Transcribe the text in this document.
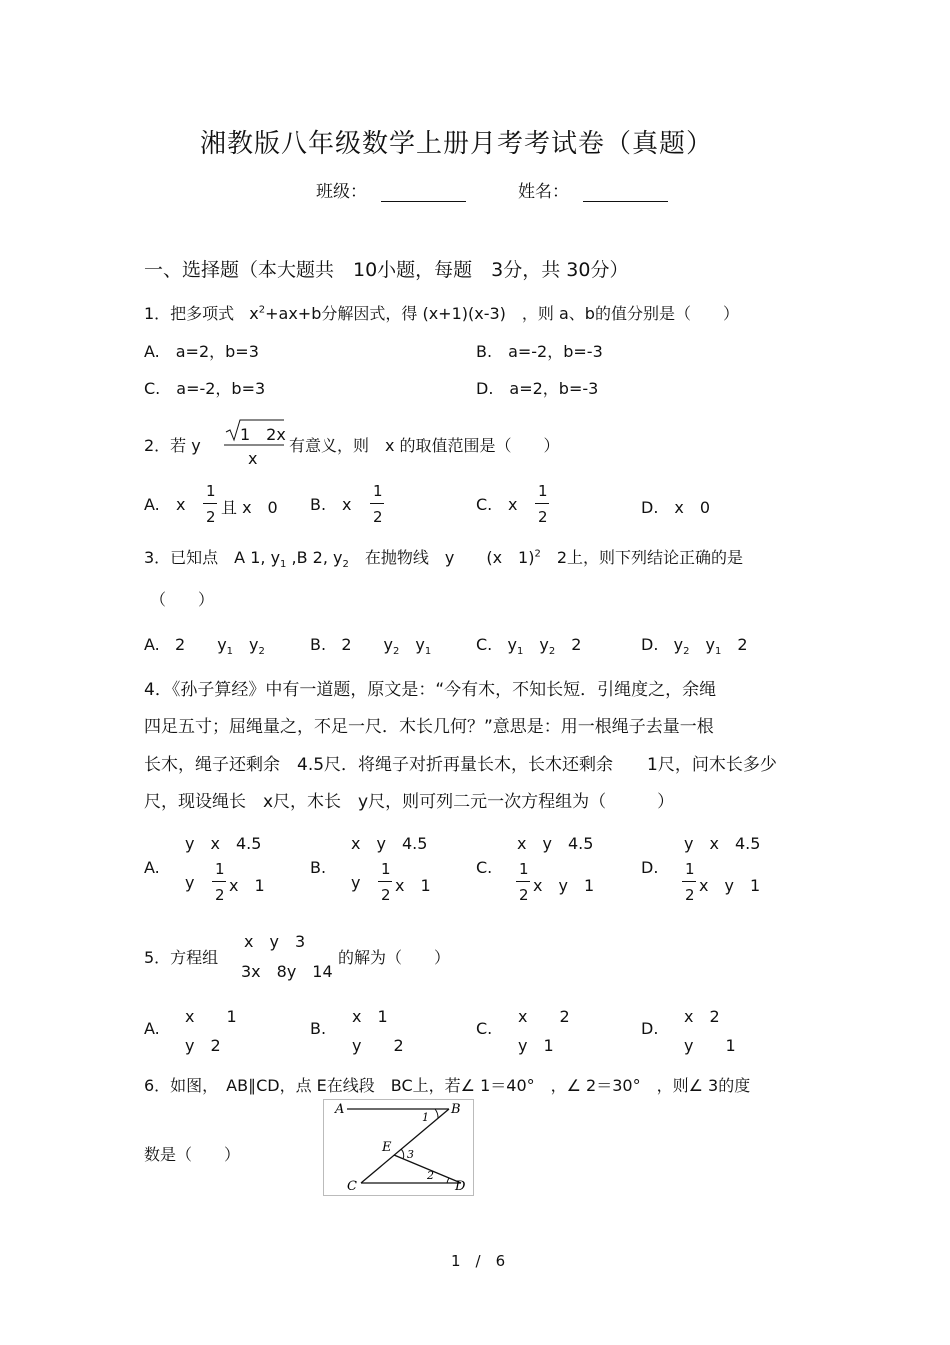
湘教版八年级数学上册月考考试卷（真题）
班级：	姓名：
一、选择题（本大题共　10小题，每题　3分，共 30分）
1．把多项式 $x^2+ax+b$分解因式，得 (x+1)(x-3)　，则 a、b的值分别是（　　）
A.　a=2，b=3	B.　a=-2，b=-3
C.　a=-2，b=3	D.　a=2，b=-3
2．若 y
1　2x
x
有意义，则　x 的取值范围是（　　）
A. x
1
2 且 x　0 B. x
1
2
C. x
1
2	D.　x　0
3．已知点　A 1, $y_1$ ,B 2, $y_2$　在抛物线　y　　(x　1)$^2$　2上，则下列结论正确的是
（　　）
A. 2　　$y_1$　$y_2$	B. 2　　$y_2$　$y_1$	C. $y_1$　$y_2$　2	D. $y_2$　$y_1$　2
4．《孙子算经》中有一道题，原文是：“今有木，不知长短．引绳度之，余绳
四足五寸；屈绳量之，不足一尺．木长几何？”意思是：用一根绳子去量一根
长木，绳子还剩余　4.5尺．将绳子对折再量长木，长木还剩余　　1尺，问木长多少
尺，现设绳长　x尺，木长　y尺，则可列二元一次方程组为（　　　）
A.
y　x　4.5
y
1
2 x　1
B.
x　y　4.5
y
1
2 x　1
C.
x　y　4.5
1
2 x　y　1
D.
y　x　4.5
1
2 x　y　1
5．方程组
x　y　3
3x　8y　14
的解为（　　）
A.
x　　1
y　2
B.
x　1
y　　2
C.
x　　2
y　1
D.
x　2
y　　1
6．如图，　AB∥CD，点 E在线段　BC上，若∠ 1＝40°　，∠ 2＝30°　，则∠ 3的度
数是（　　）
A	B
C	D
E
1
2
3
1　/　6
